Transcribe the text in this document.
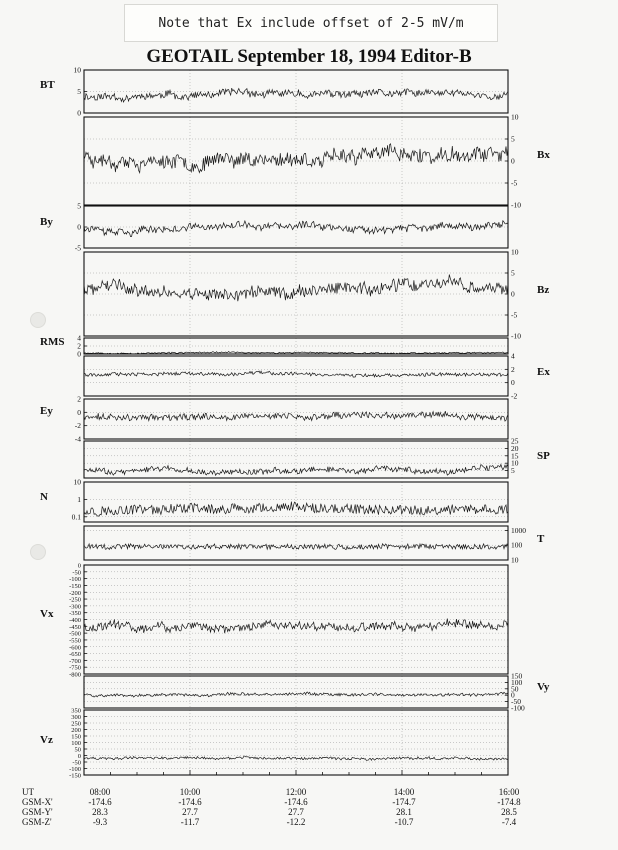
Note that Ex include offset of 2-5 mV/m
GEOTAIL September 18, 1994 Editor-B
0
5
10
BT
-10
-5
0
5
10
Bx
-5
0
5
By
-10
-5
0
5
10
Bz
0
2
4
RMS
-2
0
2
4
Ex
-4
-2
0
2
Ey
5
10
15
20
25
SP
0.1
1
10
N
10
100
1000
T
0
-50
-100
-150
-200
-250
-300
-350
-400
-450
-500
-550
-600
-650
-700
-750
-800
Vx
-100
-50
0
50
100
150
Vy
-150
-100
-50
0
50
100
150
200
250
300
350
Vz
UT	08:00	10:00	12:00	14:00	16:00
GSM-X'	-174.6	-174.6	-174.6	-174.7	-174.8
GSM-Y'	28.3	27.7	27.7	28.1	28.5
GSM-Z'	-9.3	-11.7	-12.2	-10.7	-7.4
